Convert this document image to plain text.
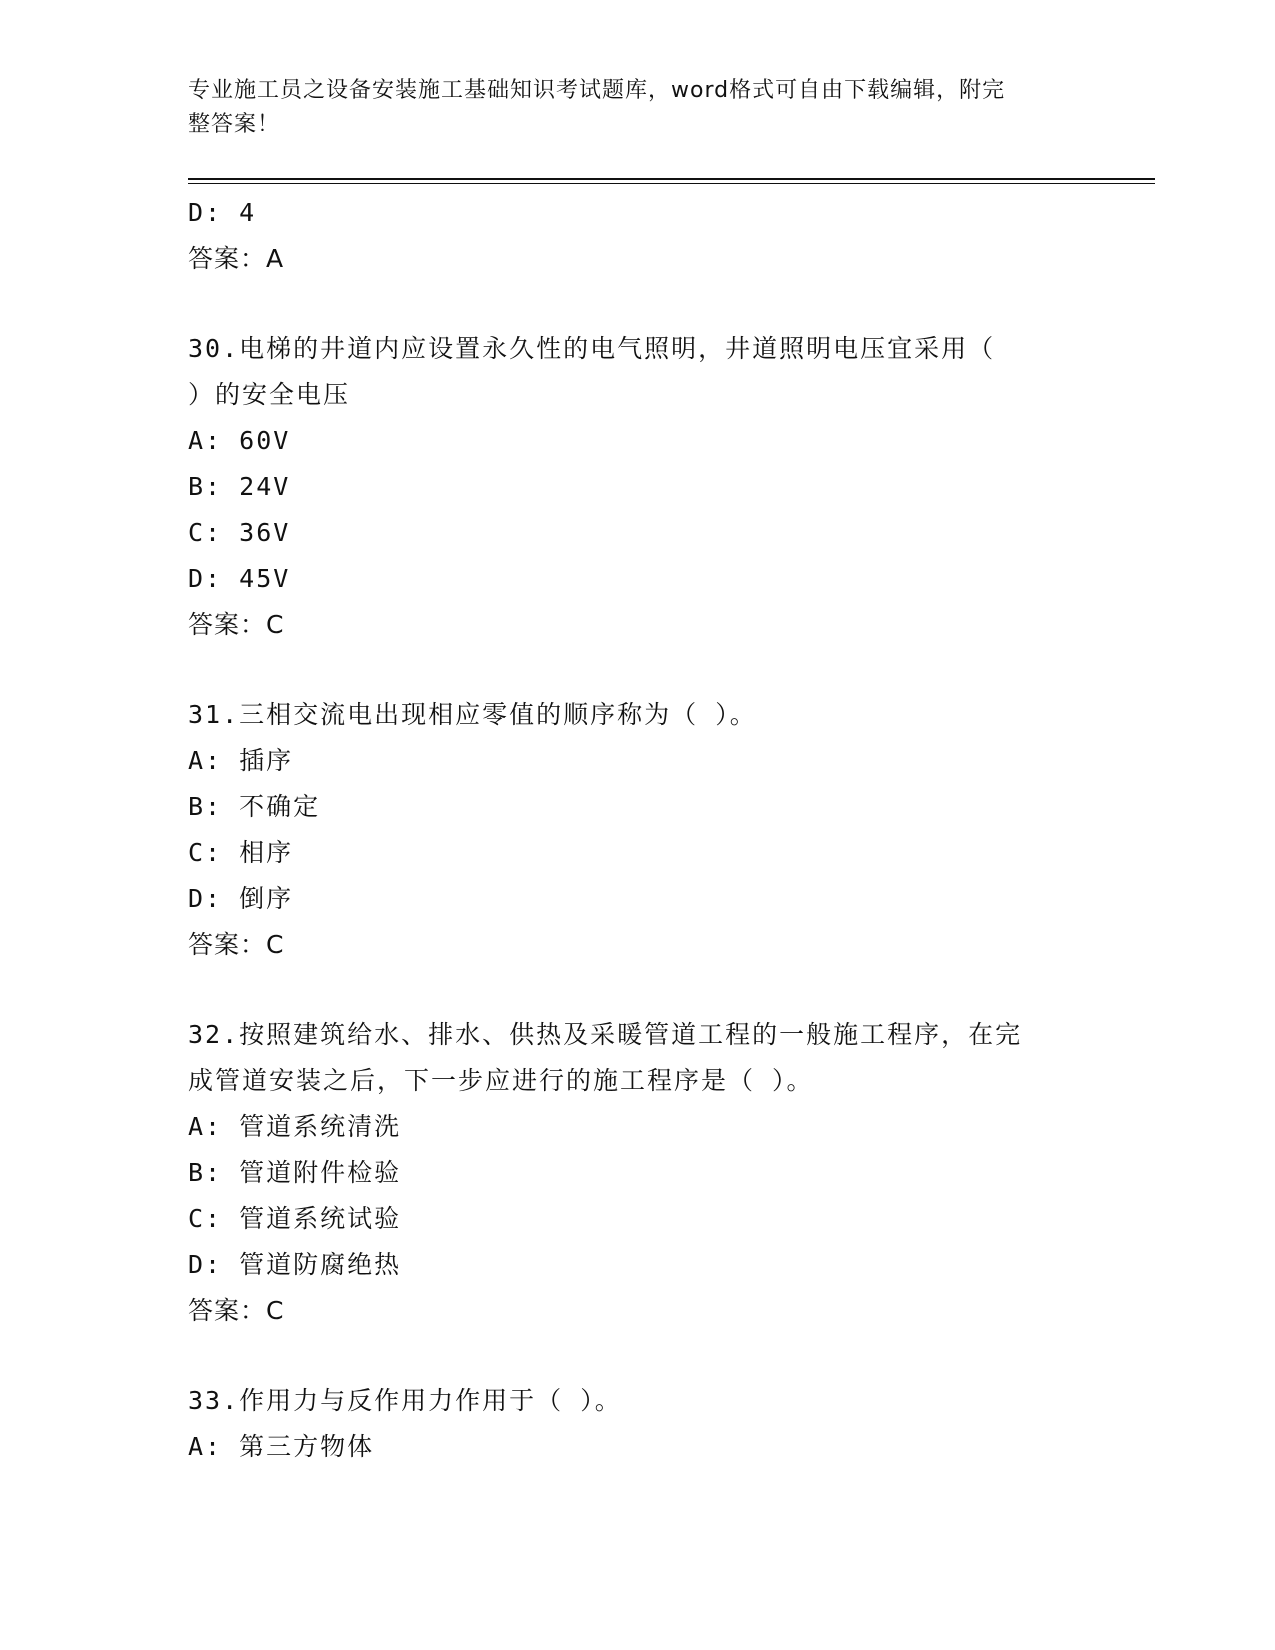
专业施工员之设备安装施工基础知识考试题库，word格式可自由下载编辑，附完
整答案！
D: 4
答案：A
30.电梯的井道内应设置永久性的电气照明，井道照明电压宜采用（
）的安全电压
A: 60V
B: 24V
C: 36V
D: 45V
答案：C
31.三相交流电出现相应零值的顺序称为（ ）。
A: 插序
B: 不确定
C: 相序
D: 倒序
答案：C
32.按照建筑给水、排水、供热及采暖管道工程的一般施工程序，在完
成管道安装之后，下一步应进行的施工程序是（ ）。
A: 管道系统清洗
B: 管道附件检验
C: 管道系统试验
D: 管道防腐绝热
答案：C
33.作用力与反作用力作用于（ ）。
A: 第三方物体
